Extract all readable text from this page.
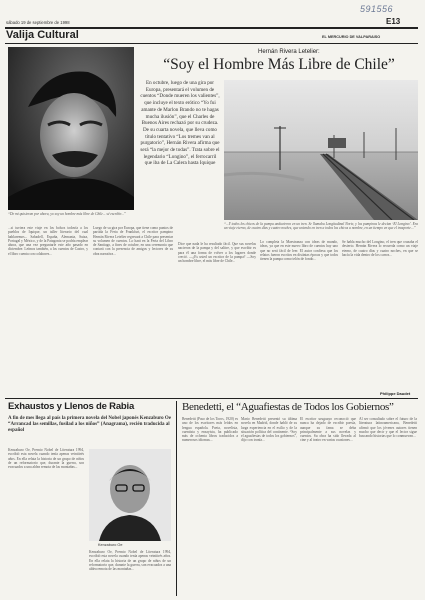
591556
sábado 19 de septiembre de 1998	E13
Valija Cultural	EL MERCURIO DE VALPARAISO
“De mi quisieran por ahora, yo soy un hombre más libre de Chile... sé escribir...”
Hernán Rivera Letelier:
“Soy el Hombre Más Libre de Chile”
En octubre, luego de una gira por Europa, presentará el volumen de cuentos “Donde mueren los valientes”, que incluye el texto erótico “Yo fui amante de Marlon Brando no te hagas mucha ilusión”, que el Charles de Buenos Aires rechazó por su crudeza. De su cuarta novela, que lleva como título tentativo “Los tremes van al purgatorio”, Hernán Rivera afirma que será “la mejor de todas”. Trata sobre el legendario “Longino”, el ferrocarril que iba de La Calera hasta Iquique
“...Y todos los chicos de la pampa anduvieron en un tren. Se llamaba Longitudinal Norte, y los pampinos le decían ‘El Longino’. Era un viaje eterno, de cuatro días y cuatro noches, que uniendo en tren a todos los chicos a nombre, en un tiempo en que el trasporte...”
...si tuviera este viaje en los bolsos todavía a los pueblos de Iquique, un taller literario del cual hablaremos... Sabadell, España, Alemania, Suiza, Portugal y México, y de la Patagonia se podría emplear ahora, que una vez preguntarle este año pasado en diciembre. Leímos también, a los cuentos de Castro, y el libro cuenta con colabores...
Luego de su gira por Europa, que tiene como puntos de partida la Feria de Frankfurt, el escritor pampino Hernán Rivera Letelier regresará a Chile para presentar su volumen de cuentos. Lo hará en la Feria del Libro de Santiago, a fines de octubre, en una ceremonia que contará con la presencia de amigos y lectores de su obra narrativa...
Dice que nada le ha resultado fácil. Que sus novelas nacieron de la pampa y del salitre, y que escribir es para él una forma de volver a los lugares donde creció. —¿Es usted un escritor de la pampa? —Soy un hombre libre, el más libre de Chile...
Lo completa la Maestranza con ideas de mundo, ideas, ya que en este nuevo libro de cuentos hay uno que no será fácil de leer. El autor confiesa que los relatos fueron escritos en distintas épocas y que todos tienen la pampa como telón de fondo...
Se habla mucho del Longino, el tren que cruzaba el desierto. Hernán Rivera lo recuerda como un viaje eterno, de cuatro días y cuatro noches, en que se hacía la vida dentro de los carros...
Philippe Daudet
Exhaustos y Llenos de Rabia
A fin de mes llega al país la primera novela del Nobel japonés Kenzaburo Oe “Arrancad las semillas, fusilad a los niños” (Anagrama), recién traducida al español
Kenzaburo Oe, Premio Nobel de Literatura 1994, escribió esta novela cuando tenía apenas veintitrés años. En ella relata la historia de un grupo de niños de un reformatorio que, durante la guerra, son evacuados a una aldea remota de las montañas...
Kenzaburo Oe
Kenzaburo Oe, Premio Nobel de Literatura 1994, escribió esta novela cuando tenía apenas veintitrés años. En ella relata la historia de un grupo de niños de un reformatorio que, durante la guerra, son evacuados a una aldea remota de las montañas...
Benedetti, el “Aguafiestas de Todos los Gobiernos”
Benedetti (Paso de los Toros, 1920) es uno de los escritores más leídos en lengua española. Poeta, novelista, cuentista y ensayista, ha publicado más de ochenta libros traducidos a numerosos idiomas...
Mario Benedetti presentó su última novela en Madrid, donde habló de su larga experiencia en el exilio y de la situación política del continente. “Soy el aguafiestas de todos los gobiernos”, dijo con ironía...
El escritor uruguayo reconoció que nunca ha dejado de escribir poesía, aunque su fama se deba principalmente a sus novelas y cuentos. Su obra ha sido llevada al cine y al teatro en varias ocasiones...
Al ser consultado sobre el futuro de la literatura latinoamericana, Benedetti afirmó que los jóvenes autores tienen mucho que decir y que el lector sigue buscando historias que lo conmuevan...
